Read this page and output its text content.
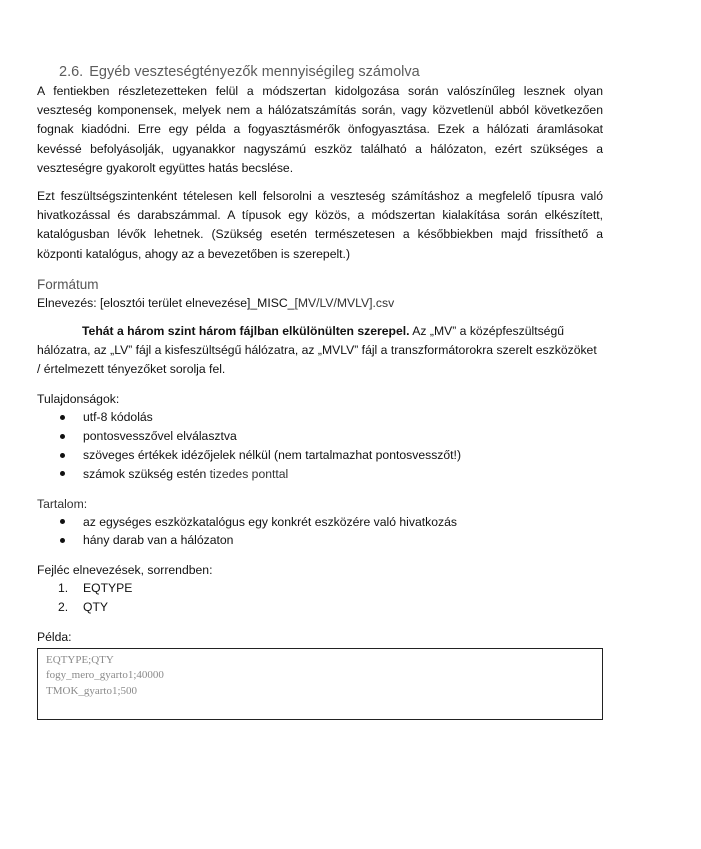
2.6. Egyéb veszteségtényezők mennyiségileg számolva

A fentiekben részletezetteken felül a módszertan kidolgozása során valószínűleg lesznek olyan veszteség komponensek, melyek nem a hálózatszámítás során, vagy közvetlenül abból következően fognak kiadódni. Erre egy példa a fogyasztásmérők önfogyasztása. Ezek a hálózati áramlásokat kevéssé befolyásolják, ugyanakkor nagyszámú eszköz található a hálózaton, ezért szükséges a veszteségre gyakorolt együttes hatás becslése.

Ezt feszültségszintenként tételesen kell felsorolni a veszteség számításhoz a megfelelő típusra való hivatkozással és darabszámmal. A típusok egy közös, a módszertan kialakítása során elkészített, katalógusban lévők lehetnek. (Szükség esetén természetesen a későbbiekben majd frissíthető a központi katalógus, ahogy az a bevezetőben is szerepelt.)

Formátum
Elnevezés: [elosztói terület elnevezése]_MISC_[MV/LV/MVLV].csv

Tehát a három szint három fájlban elkülönülten szerepel. Az „MV” a középfeszültségű hálózatra, az „LV” fájl a kisfeszültségű hálózatra, az „MVLV” fájl a transzformátorokra szerelt eszközöket / értelmezett tényezőket sorolja fel.

Tulajdonságok:
utf-8 kódolás
pontosvesszővel elválasztva
szöveges értékek idézőjelek nélkül (nem tartalmazhat pontosvesszőt!)
számok szükség estén tizedes ponttal
Tartalom:
az egységes eszközkatalógus egy konkrét eszközére való hivatkozás
hány darab van a hálózaton
Fejléc elnevezések, sorrendben:
1. EQTYPE
2. QTY
Példa:
EQTYPE;QTY
fogy_mero_gyarto1;40000
TMOK_gyarto1;500
